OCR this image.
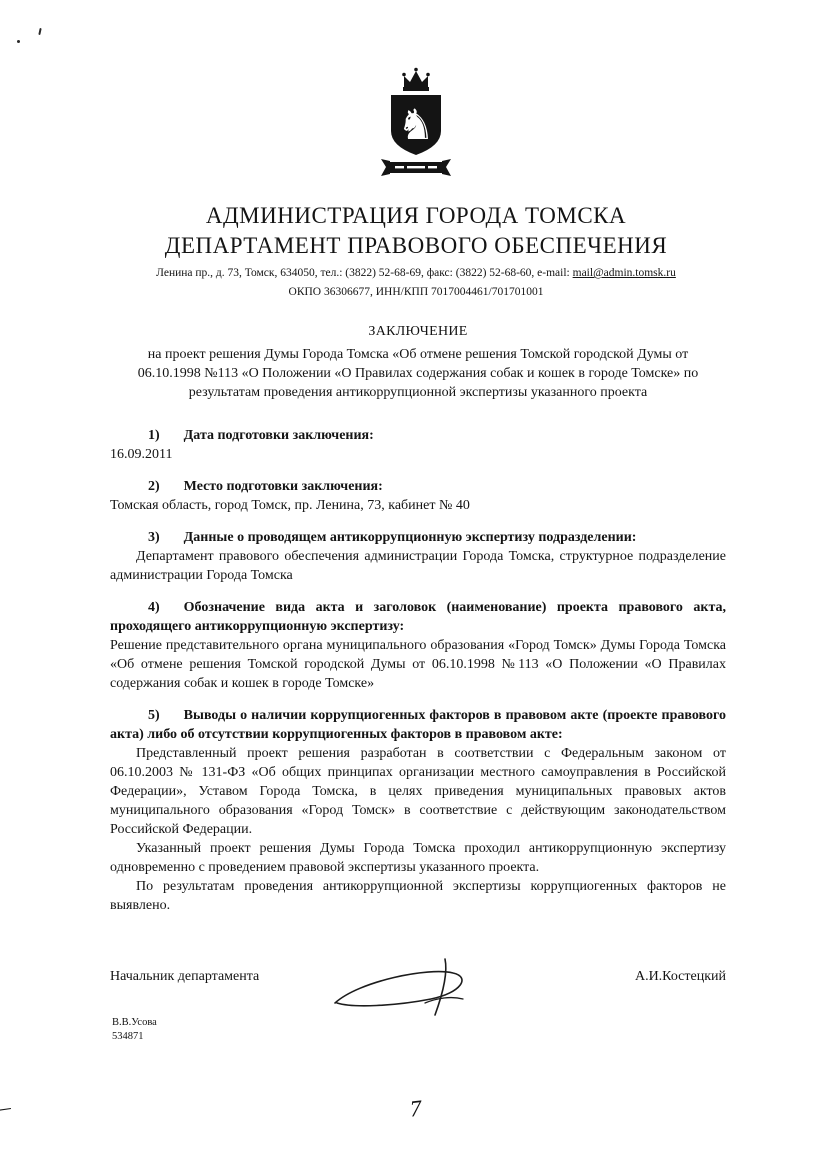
♞
АДМИНИСТРАЦИЯ ГОРОДА ТОМСКА
ДЕПАРТАМЕНТ ПРАВОВОГО ОБЕСПЕЧЕНИЯ
Ленина пр., д. 73, Томск, 634050, тел.: (3822) 52-68-69, факс: (3822) 52-68-60, e-mail: mail@admin.tomsk.ru
ОКПО 36306677, ИНН/КПП 7017004461/701701001
ЗАКЛЮЧЕНИЕ
на проект решения Думы Города Томска «Об отмене решения Томской городской Думы от 06.10.1998 №113 «О Положении «О Правилах содержания собак и кошек в городе Томске» по результатам проведения антикоррупционной экспертизы указанного проекта

1) Дата подготовки заключения:

16.09.2011

2) Место подготовки заключения:

Томская область, город Томск, пр. Ленина, 73, кабинет № 40

3) Данные о проводящем антикоррупционную экспертизу подразделении:

Департамент правового обеспечения администрации Города Томска, структурное подразделение администрации Города Томска

4) Обозначение вида акта и заголовок (наименование) проекта правового акта, проходящего антикоррупционную экспертизу:

Решение представительного органа муниципального образования «Город Томск» Думы Города Томска «Об отмене решения Томской городской Думы от 06.10.1998 №113 «О Положении «О Правилах содержания собак и кошек в городе Томске»

5) Выводы о наличии коррупциогенных факторов в правовом акте (проекте правового акта) либо об отсутствии коррупциогенных факторов в правовом акте:

Представленный проект решения разработан в соответствии с Федеральным законом от 06.10.2003 № 131-ФЗ «Об общих принципах организации местного самоуправления в Российской Федерации», Уставом Города Томска, в целях приведения муниципальных правовых актов муниципального образования «Город Томск» в соответствие с действующим законодательством Российской Федерации.

Указанный проект решения Думы Города Томска проходил антикоррупционную экспертизу одновременно с проведением правовой экспертизы указанного проекта.

По результатам проведения антикоррупционной экспертизы коррупциогенных факторов не выявлено.

Начальник департамента	А.И.Костецкий
В.В.Усова
534871
7
